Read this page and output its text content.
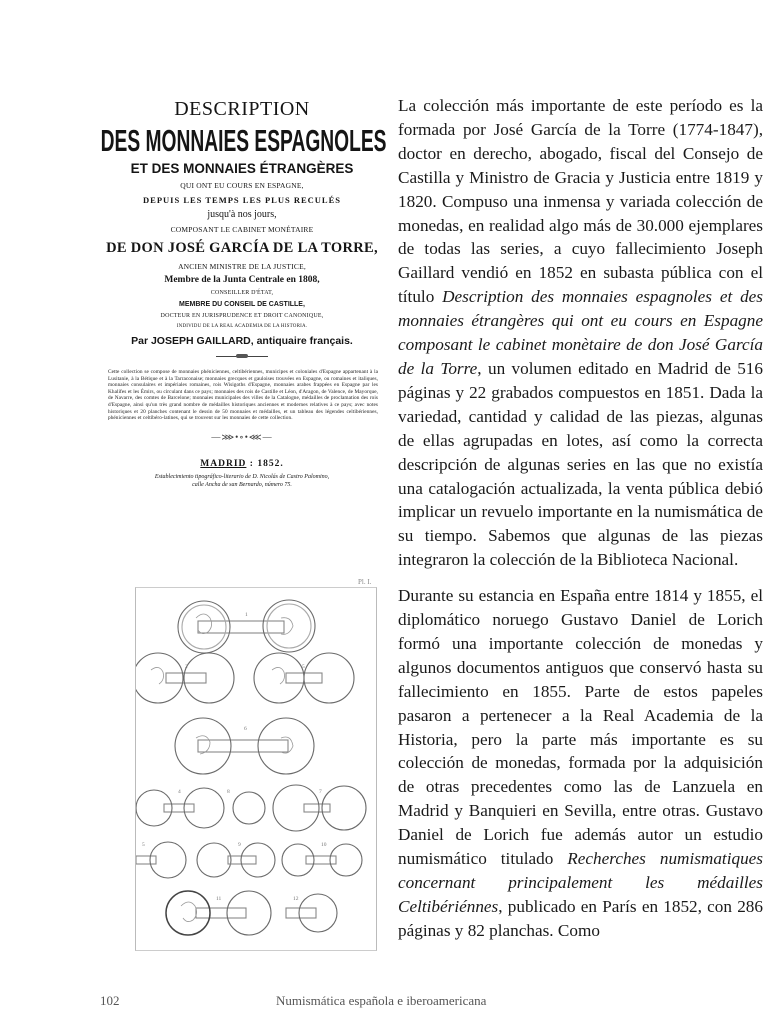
DESCRIPTION
DES MONNAIES ESPAGNOLES
ET DES MONNAIES ÉTRANGÈRES
QUI ONT EU COURS EN ESPAGNE,
DEPUIS LES TEMPS LES PLUS RECULÉS
jusqu'à nos jours,
COMPOSANT LE CABINET MONÉTAIRE
DE DON JOSÉ GARCÍA DE LA TORRE,
ANCIEN MINISTRE DE LA JUSTICE,
Membre de la Junta Centrale en 1808,
CONSEILLER D'ÉTAT,
MEMBRE DU CONSEIL DE CASTILLE,
DOCTEUR EN JURISPRUDENCE ET DROIT CANONIQUE,
INDIVIDU DE LA REAL ACADEMIA DE LA HISTORIA.
Par JOSEPH GAILLARD, antiquaire français.
Cette collection se compose de monnaies phéniciennes, celtibériennes, municipes et coloniales d'Espagne appartenant à la Lusitanie, à la Bétique et à la Tarraconaise; monnaies grecques et gauloises trouvées en Espagne, ou romaines et italiques, monnaies consulaires et impériales romaines, rois Wisigoths d'Espagne, monnaies arabes frappées en Espagne par les Khalifes et les Émirs, ou circulant dans ce pays; monnaies des rois de Castille et Léon, d'Aragon, de Valence, de Mayorque, de Navarre, des comtes de Barcelone; monnaies municipales des villes de la Catalogne, médailles de proclamation des rois d'Espagne, ainsi qu'un très grand nombre de médailles historiques anciennes et modernes relatives à ce pays; avec notes historiques et 20 planches contenant le dessin de 50 monnaies et médailles, et un tableau des légendes celtibériennes, phéniciennes et celtibéro-latines, qui se trouvent sur les monnaies de cette collection.
—⋙•∘•⋘—
MADRID : 1852.
Establecimiento tipográfico-literario de D. Nicolás de Castro Palomino,
calle Ancha de san Bernardo, número 75.
Pl. I.
1
2	5
6
4	8	7
5	9	10
11	12

La colección más importante de este período es la formada por José García de la Torre (1774-1847), doctor en derecho, abogado, fiscal del Consejo de Castilla y Ministro de Gracia y Justicia entre 1819 y 1820. Compuso una inmensa y variada colección de monedas, en realidad algo más de 30.000 ejemplares de todas las series, a cuyo fallecimiento Joseph Gaillard vendió en 1852 en subasta pública con el título Description des monnaies espagnoles et des monnaies étrangères qui ont eu cours en Espagne composant le cabinet monètaire de don José García de la Torre, un volumen editado en Madrid de 516 páginas y 22 grabados compuestos en 1851. Dada la variedad, cantidad y calidad de las piezas, algunas de ellas agrupadas en lotes, así como la correcta descripción de algunas series en las que no existía una catalogación actualizada, la venta pública debió implicar un revuelo importante en la numismática de su tiempo. Sabemos que algunas de las piezas integraron la colección de la Biblioteca Nacional.

Durante su estancia en España entre 1814 y 1855, el diplomático noruego Gustavo Daniel de Lorich formó una importante colección de monedas y algunos documentos antiguos que conservó hasta su fallecimiento en 1855. Parte de estos papeles pasaron a pertenecer a la Real Academia de la Historia, pero la parte más importante es su colección de monedas, formada por la adquisición de otras precedentes como las de Lanzuela en Madrid y Banquieri en Sevilla, entre otras. Gustavo Daniel de Lorich fue además autor un estudio numismático titulado Recherches numismatiques concernant principalement les médailles Celtibériénnes, publicado en París en 1852, con 286 páginas y 82 planchas. Como

102	Numismática española e iberoamericana
